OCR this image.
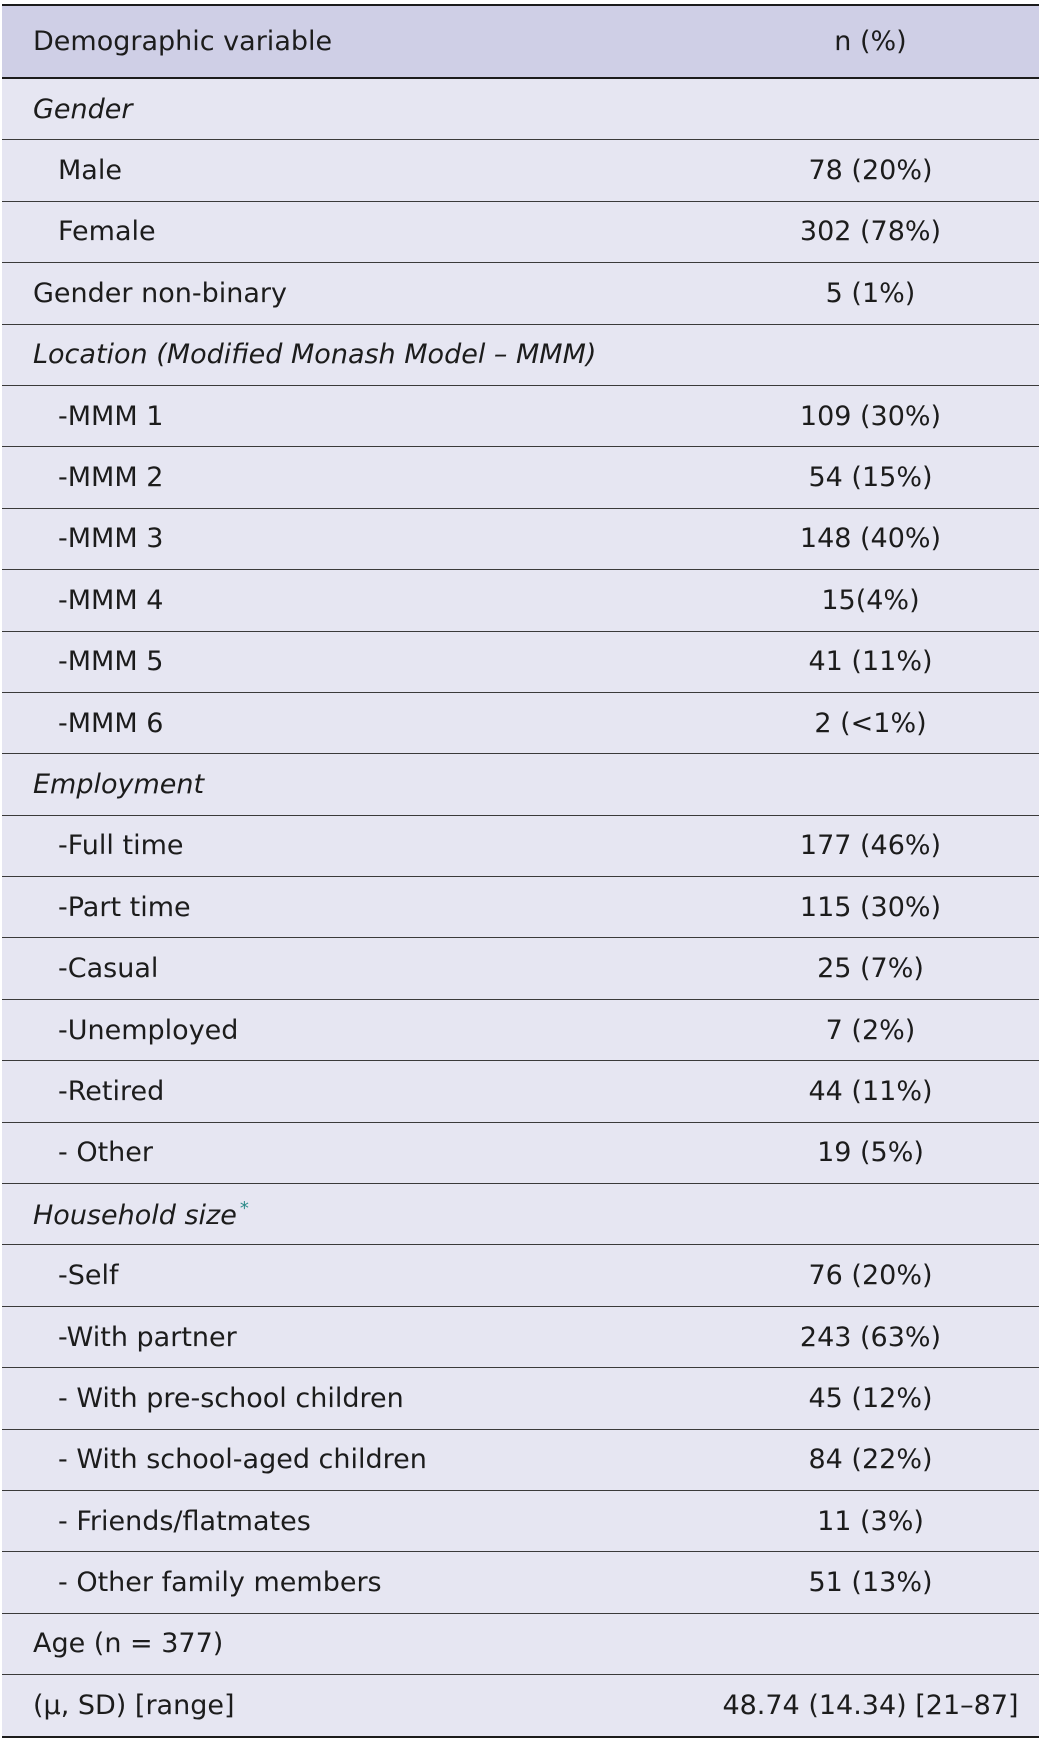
Demographic variable	n (%)
Gender	
Male	78 (20%)
Female	302 (78%)
Gender non-binary	5 (1%)
Location (Modified Monash Model – MMM)	
-MMM 1	109 (30%)
-MMM 2	54 (15%)
-MMM 3	148 (40%)
-MMM 4	15(4%)
-MMM 5	41 (11%)
-MMM 6	2 (<1%)
Employment	
-Full time	177 (46%)
-Part time	115 (30%)
-Casual	25 (7%)
-Unemployed	7 (2%)
-Retired	44 (11%)
- Other	19 (5%)
Household size *	
-Self	76 (20%)
-With partner	243 (63%)
- With pre-school children	45 (12%)
- With school-aged children	84 (22%)
- Friends/flatmates	11 (3%)
- Other family members	51 (13%)
Age (n = 377)	
(μ, SD) [range]	48.74 (14.34) [21–87]
